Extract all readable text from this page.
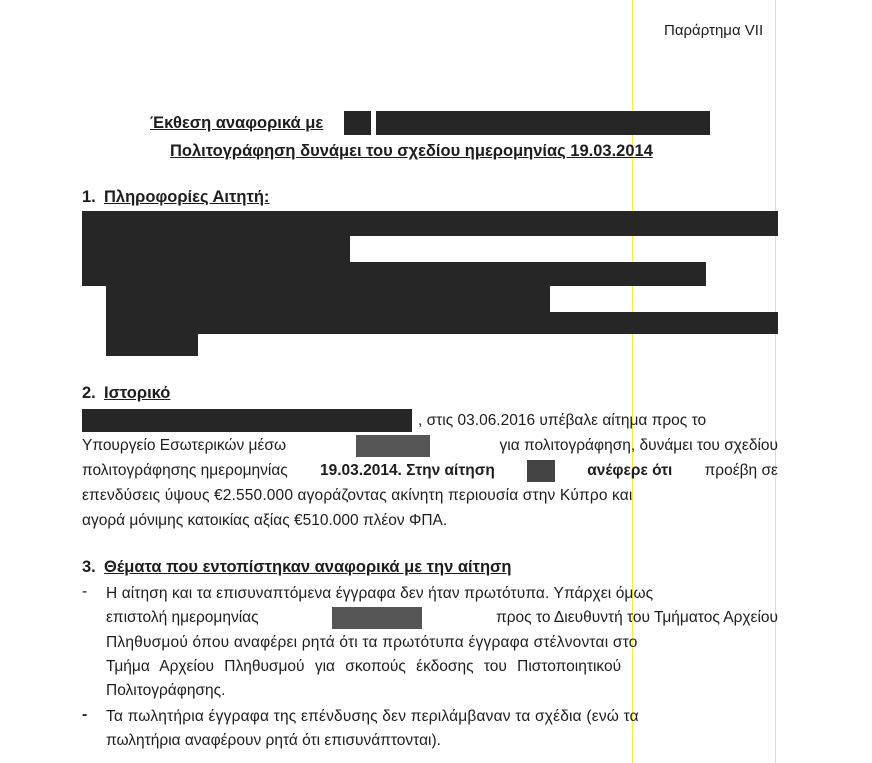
Παράρτημα VII
Έκθεση αναφορικά με
Πολιτογράφηση δυνάμει του σχεδίου ημερομηνίας 19.03.2014
1. Πληροφορίες Αιτητή:
2. Ιστορικό
, στις 03.06.2016 υπέβαλε αίτημα προς το
Υπουργείο Εσωτερικών μέσω	για πολιτογράφηση, δυνάμει του σχεδίου
πολιτογράφησης ημερομηνίας 19.03.2014. Στην αίτηση	ανέφερε ότι προέβη σε
επενδύσεις ύψους €2.550.000 αγοράζοντας ακίνητη περιουσία στην Κύπρο και
αγορά μόνιμης κατοικίας αξίας €510.000 πλέον ΦΠΑ.
3. Θέματα που εντοπίστηκαν αναφορικά με την αίτηση
- Η αίτηση και τα επισυναπτόμενα έγγραφα δεν ήταν πρωτότυπα. Υπάρχει όμως
επιστολή ημερομηνίας	προς το Διευθυντή του Τμήματος Αρχείου
Πληθυσμού όπου αναφέρει ρητά ότι τα πρωτότυπα έγγραφα στέλνονται στο
Τμήμα Αρχείου Πληθυσμού για σκοπούς έκδοσης του Πιστοποιητικού
Πολιτογράφησης.
- Τα πωλητήρια έγγραφα της επένδυσης δεν περιλάμβαναν τα σχέδια (ενώ τα
πωλητήρια αναφέρουν ρητά ότι επισυνάπτονται).
